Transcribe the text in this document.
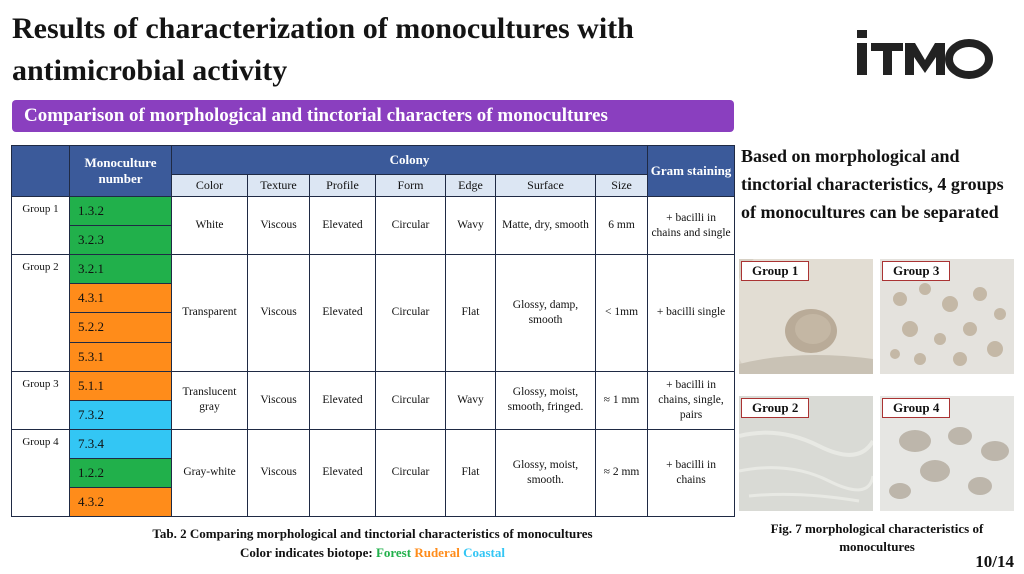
Results of characterization of monocultures with antimicrobial activity
Comparison of morphological and tinctorial characters of monocultures
	Monoculture number	Colony							Gram staining
		Color	Texture	Profile	Form	Edge	Surface	Size	
Group 1	1.3.2	White	Viscous	Elevated	Circular	Wavy	Matte, dry, smooth	6 mm	+ bacilli in chains and single
	3.2.3								
Group 2	3.2.1	Transparent	Viscous	Elevated	Circular	Flat	Glossy, damp, smooth	< 1mm	+ bacilli single
	4.3.1								
	5.2.2								
	5.3.1								
Group 3	5.1.1	Translucent gray	Viscous	Elevated	Circular	Wavy	Glossy, moist, smooth, fringed.	≈ 1 mm	+ bacilli in chains, single, pairs
	7.3.2								
Group 4	7.3.4	Gray-white	Viscous	Elevated	Circular	Flat	Glossy, moist, smooth.	≈ 2 mm	+ bacilli in chains
	1.2.2								
	4.3.2								
Tab. 2 Comparing morphological and tinctorial characteristics of monocultures
Color indicates biotope: Forest Ruderal Coastal
Based on morphological and tinctorial characteristics, 4 groups of monocultures can be separated
Group 1	Group 3
Group 2	Group 4
Fig. 7 morphological characteristics of monocultures
10/14
